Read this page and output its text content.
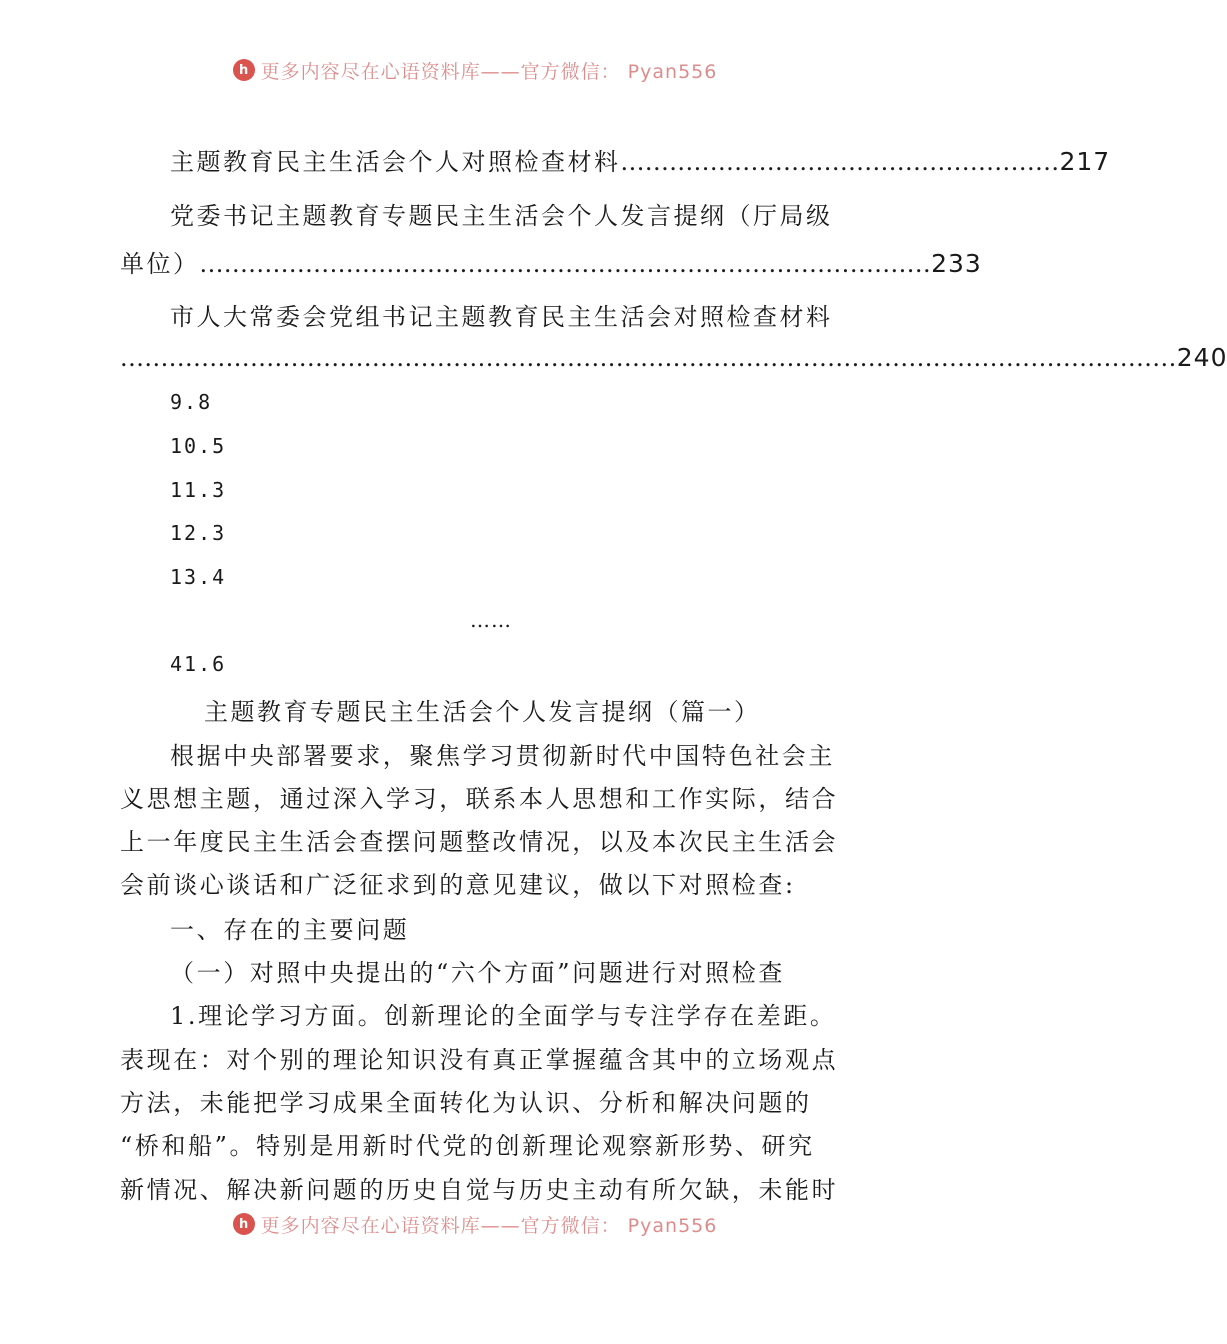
h 更多内容尽在心语资料库——官方微信： Pyan556
主题教育民主生活会个人对照检查材料 ...................................................... 217
党委书记主题教育专题民主生活会个人发言提纲（厅局级
单位） .......................................................................................... 233
市人大常委会党组书记主题教育民主生活会对照检查材料
.................................................................................................................................. 240
9.8
10.5
11.3
12.3
13.4
……
41.6
主题教育专题民主生活会个人发言提纲（篇一）
根据中央部署要求，聚焦学习贯彻新时代中国特色社会主
义思想主题，通过深入学习，联系本人思想和工作实际，结合
上一年度民主生活会查摆问题整改情况，以及本次民主生活会
会前谈心谈话和广泛征求到的意见建议，做以下对照检查:
一、存在的主要问题
（一）对照中央提出的“六个方面”问题进行对照检查
1.理论学习方面。创新理论的全面学与专注学存在差距。
表现在：对个别的理论知识没有真正掌握蕴含其中的立场观点
方法，未能把学习成果全面转化为认识、分析和解决问题的
“桥和船”。特别是用新时代党的创新理论观察新形势、研究
新情况、解决新问题的历史自觉与历史主动有所欠缺，未能时
h 更多内容尽在心语资料库——官方微信： Pyan556
